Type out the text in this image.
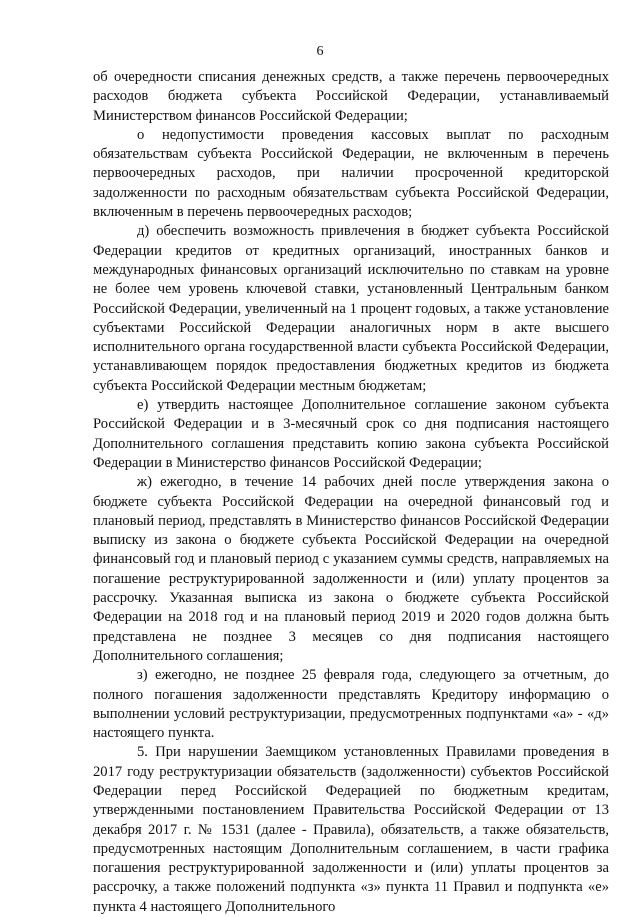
6

об очередности списания денежных средств, а также перечень первоочередных расходов бюджета субъекта Российской Федерации, устанавливаемый Министерством финансов Российской Федерации;

о недопустимости проведения кассовых выплат по расходным обязательствам субъекта Российской Федерации, не включенным в перечень первоочередных расходов, при наличии просроченной кредиторской задолженности по расходным обязательствам субъекта Российской Федерации, включенным в перечень первоочередных расходов;

д) обеспечить возможность привлечения в бюджет субъекта Российской Федерации кредитов от кредитных организаций, иностранных банков и международных финансовых организаций исключительно по ставкам на уровне не более чем уровень ключевой ставки, установленный Центральным банком Российской Федерации, увеличенный на 1 процент годовых, а также установление субъектами Российской Федерации аналогичных норм в акте высшего исполнительного органа государственной власти субъекта Российской Федерации, устанавливающем порядок предоставления бюджетных кредитов из бюджета субъекта Российской Федерации местным бюджетам;

е) утвердить настоящее Дополнительное соглашение законом субъекта Российской Федерации и в 3-месячный срок со дня подписания настоящего Дополнительного соглашения представить копию закона субъекта Российской Федерации в Министерство финансов Российской Федерации;

ж) ежегодно, в течение 14 рабочих дней после утверждения закона о бюджете субъекта Российской Федерации на очередной финансовый год и плановый период, представлять в Министерство финансов Российской Федерации выписку из закона о бюджете субъекта Российской Федерации на очередной финансовый год и плановый период с указанием суммы средств, направляемых на погашение реструктурированной задолженности и (или) уплату процентов за рассрочку. Указанная выписка из закона о бюджете субъекта Российской Федерации на 2018 год и на плановый период 2019 и 2020 годов должна быть представлена не позднее 3 месяцев со дня подписания настоящего Дополнительного соглашения;

з) ежегодно, не позднее 25 февраля года, следующего за отчетным, до полного погашения задолженности представлять Кредитору информацию о выполнении условий реструктуризации, предусмотренных подпунктами «а» - «д» настоящего пункта.

5. При нарушении Заемщиком установленных Правилами проведения в 2017 году реструктуризации обязательств (задолженности) субъектов Российской Федерации перед Российской Федерацией по бюджетным кредитам, утвержденными постановлением Правительства Российской Федерации от 13 декабря 2017 г. № 1531 (далее - Правила), обязательств, а также обязательств, предусмотренных настоящим Дополнительным соглашением, в части графика погашения реструктурированной задолженности и (или) уплаты процентов за рассрочку, а также положений подпункта «з» пункта 11 Правил и подпункта «е» пункта 4 настоящего Дополнительного
